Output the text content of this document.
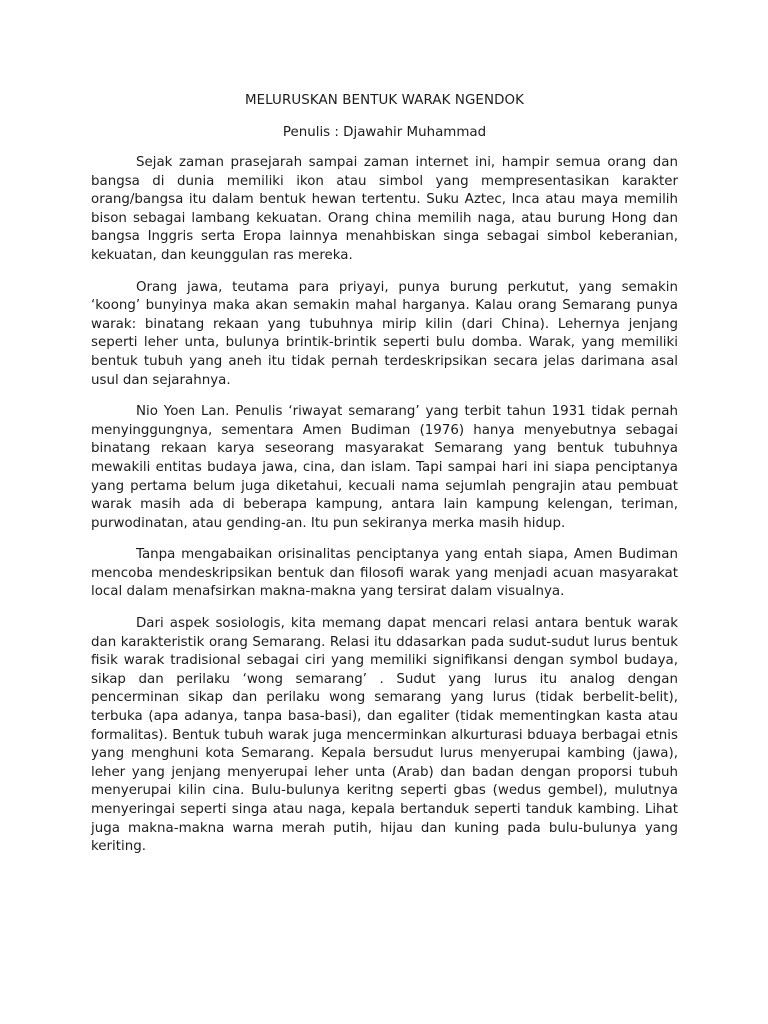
MELURUSKAN BENTUK WARAK NGENDOK
Penulis : Djawahir Muhammad

Sejak zaman prasejarah sampai zaman internet ini, hampir semua orang dan bangsa di dunia memiliki ikon atau simbol yang mempresentasikan karakter orang/bangsa itu dalam bentuk hewan tertentu. Suku Aztec, Inca atau maya memilih bison sebagai lambang kekuatan. Orang china memilih naga, atau burung Hong dan bangsa Inggris serta Eropa lainnya menahbiskan singa sebagai simbol keberanian, kekuatan, dan keunggulan ras mereka.

Orang jawa, teutama para priyayi, punya burung perkutut, yang semakin ‘koong’ bunyinya maka akan semakin mahal harganya. Kalau orang Semarang punya warak: binatang rekaan yang tubuhnya mirip kilin (dari China). Lehernya jenjang seperti leher unta, bulunya brintik-brintik seperti bulu domba. Warak, yang memiliki bentuk tubuh yang aneh itu tidak pernah terdeskripsikan secara jelas darimana asal usul dan sejarahnya.

Nio Yoen Lan. Penulis ‘riwayat semarang’ yang terbit tahun 1931 tidak pernah menyinggungnya, sementara Amen Budiman (1976) hanya menyebutnya sebagai binatang rekaan karya seseorang masyarakat Semarang yang bentuk tubuhnya mewakili entitas budaya jawa, cina, dan islam. Tapi sampai hari ini siapa penciptanya yang pertama belum juga diketahui, kecuali nama sejumlah pengrajin atau pembuat warak masih ada di beberapa kampung, antara lain kampung kelengan, teriman, purwodinatan, atau gending-an. Itu pun sekiranya merka masih hidup.

Tanpa mengabaikan orisinalitas penciptanya yang entah siapa, Amen Budiman mencoba mendeskripsikan bentuk dan filosofi warak yang menjadi acuan masyarakat local dalam menafsirkan makna-makna yang tersirat dalam visualnya.

Dari aspek sosiologis, kita memang dapat mencari relasi antara bentuk warak dan karakteristik orang Semarang. Relasi itu ddasarkan pada sudut-sudut lurus bentuk fisik warak tradisional sebagai ciri yang memiliki signifikansi dengan symbol budaya, sikap dan perilaku ‘wong semarang’ . Sudut yang lurus itu analog dengan pencerminan sikap dan perilaku wong semarang yang lurus (tidak berbelit-belit), terbuka (apa adanya, tanpa basa-basi), dan egaliter (tidak mementingkan kasta atau formalitas). Bentuk tubuh warak juga mencerminkan alkurturasi bduaya berbagai etnis yang menghuni kota Semarang. Kepala bersudut lurus menyerupai kambing (jawa), leher yang jenjang menyerupai leher unta (Arab) dan badan dengan proporsi tubuh menyerupai kilin cina. Bulu-bulunya keritng seperti gbas (wedus gembel), mulutnya menyeringai seperti singa atau naga, kepala bertanduk seperti tanduk kambing. Lihat juga makna-makna warna merah putih, hijau dan kuning pada bulu-bulunya yang keriting.
